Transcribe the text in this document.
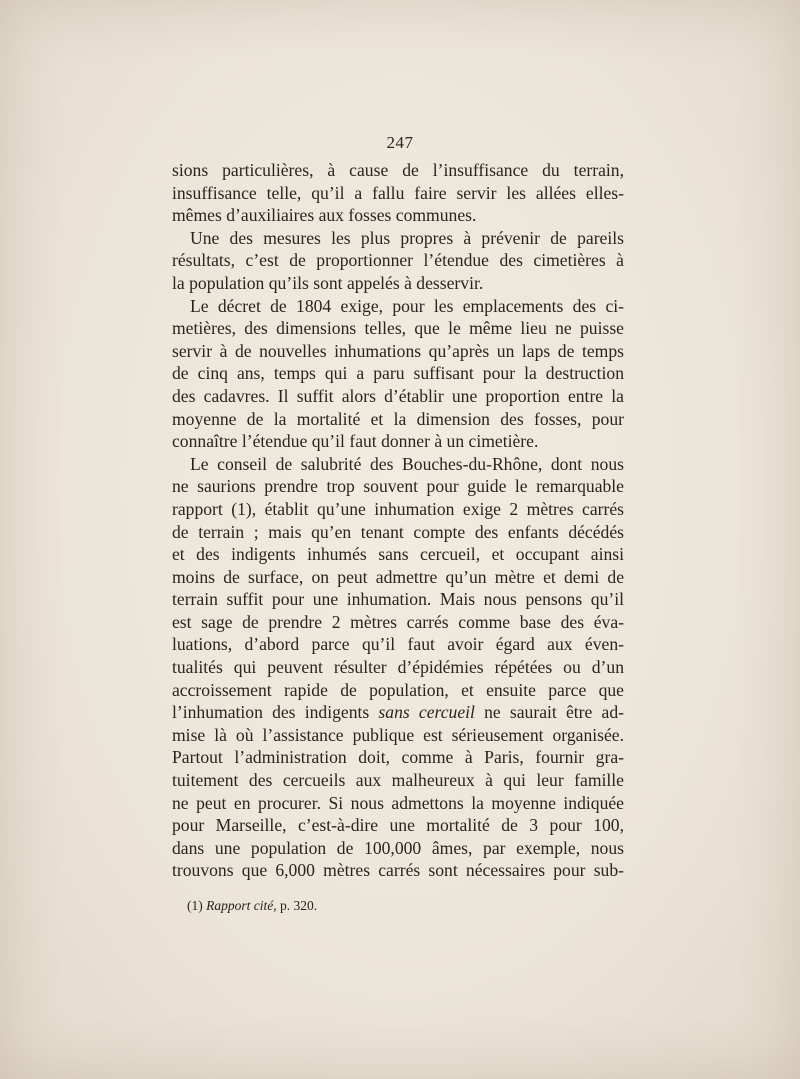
247
sions particulières, à cause de l’insuffisance du terrain,
insuffisance telle, qu’il a fallu faire servir les allées elles-
mêmes d’auxiliaires aux fosses communes.
Une des mesures les plus propres à prévenir de pareils
résultats, c’est de proportionner l’étendue des cimetières à
la population qu’ils sont appelés à desservir.
Le décret de 1804 exige, pour les emplacements des ci-
metières, des dimensions telles, que le même lieu ne puisse
servir à de nouvelles inhumations qu’après un laps de temps
de cinq ans, temps qui a paru suffisant pour la destruction
des cadavres. Il suffit alors d’établir une proportion entre la
moyenne de la mortalité et la dimension des fosses, pour
connaître l’étendue qu’il faut donner à un cimetière.
Le conseil de salubrité des Bouches-du-Rhône, dont nous
ne saurions prendre trop souvent pour guide le remarquable
rapport (1), établit qu’une inhumation exige 2 mètres carrés
de terrain ; mais qu’en tenant compte des enfants décédés
et des indigents inhumés sans cercueil, et occupant ainsi
moins de surface, on peut admettre qu’un mètre et demi de
terrain suffit pour une inhumation. Mais nous pensons qu’il
est sage de prendre 2 mètres carrés comme base des éva-
luations, d’abord parce qu’il faut avoir égard aux éven-
tualités qui peuvent résulter d’épidémies répétées ou d’un
accroissement rapide de population, et ensuite parce que
l’inhumation des indigents sans cercueil ne saurait être ad-
mise là où l’assistance publique est sérieusement organisée.
Partout l’administration doit, comme à Paris, fournir gra-
tuitement des cercueils aux malheureux à qui leur famille
ne peut en procurer. Si nous admettons la moyenne indiquée
pour Marseille, c’est-à-dire une mortalité de 3 pour 100,
dans une population de 100,000 âmes, par exemple, nous
trouvons que 6,000 mètres carrés sont nécessaires pour sub-
(1) Rapport cité, p. 320.
